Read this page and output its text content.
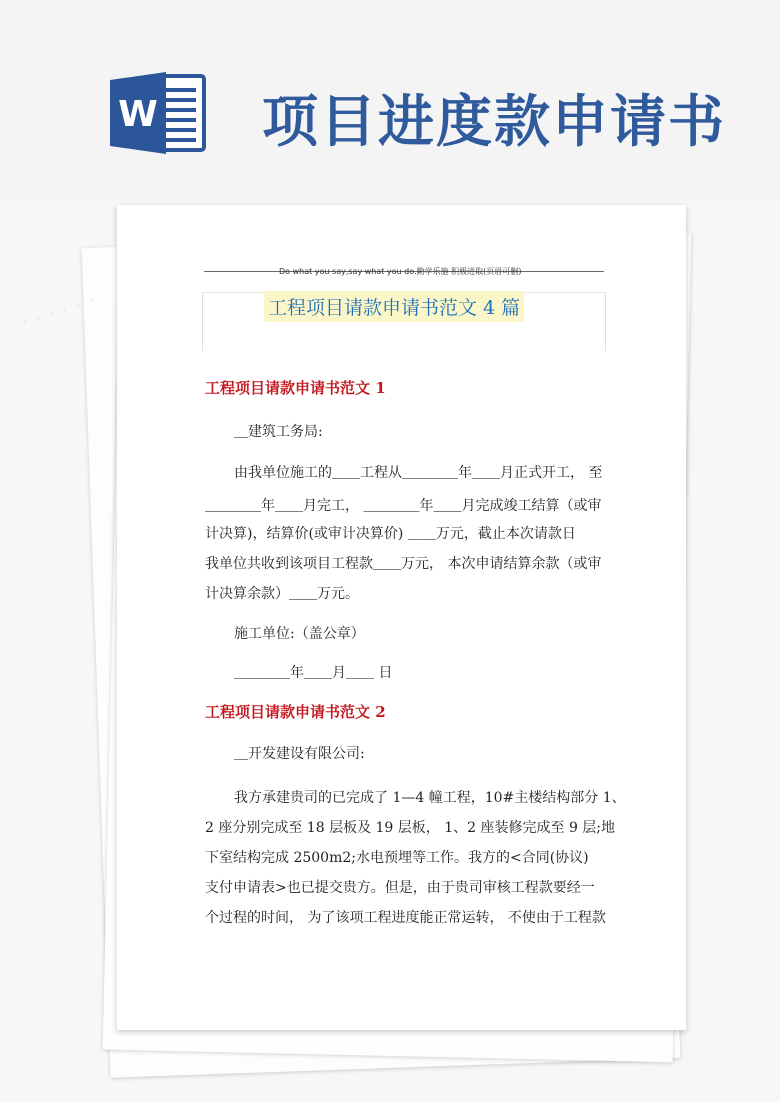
W 项目进度款申请书
Do what you say,say what you do.勤学乐施 积极进取(页眉可删)
工程项目请款申请书范文 4 篇
工程项目请款申请书范文 1
＿建筑工务局:
由我单位施工的＿＿工程从＿＿＿＿年＿＿月正式开工， 至
＿＿＿＿年＿＿月完工， ＿＿＿＿年＿＿月完成竣工结算（或审
计决算)，结算价(或审计决算价) ＿＿万元，截止本次请款日
我单位共收到该项目工程款＿＿万元， 本次申请结算余款（或审
计决算余款）＿＿万元。
施工单位:（盖公章）
＿＿＿＿年＿＿月＿＿ 日
工程项目请款申请书范文 2
＿开发建设有限公司:
我方承建贵司的已完成了 1—4 幢工程，10#主楼结构部分 1、
2 座分别完成至 18 层板及 19 层板， 1、2 座装修完成至 9 层;地
下室结构完成 2500m2;水电预埋等工作。我方的<合同(协议)
支付申请表>也已提交贵方。但是，由于贵司审核工程款要经一
个过程的时间， 为了该项工程进度能正常运转， 不使由于工程款
· · · · · ·
